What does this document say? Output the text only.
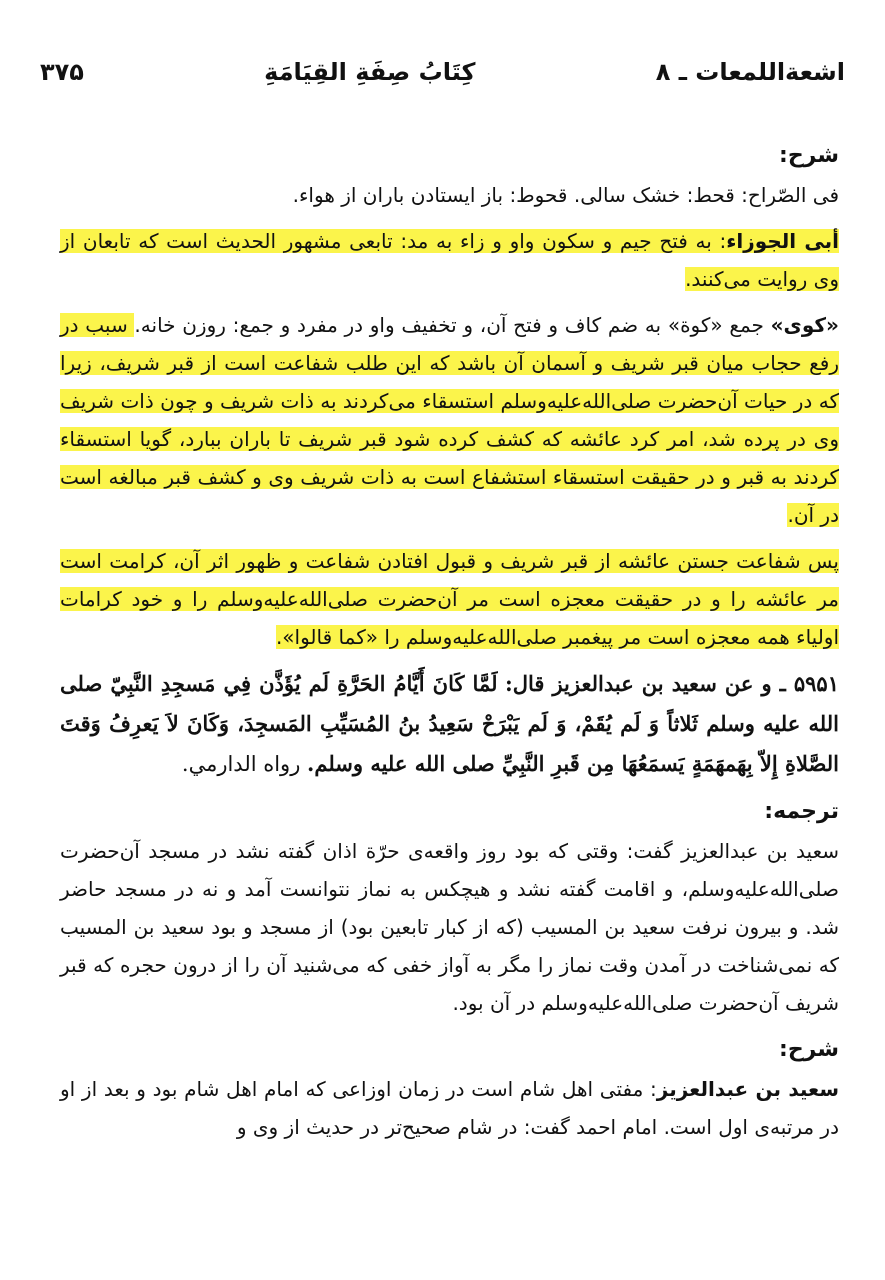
اشعة‌اللمعات ـ ۸
كِتَابُ صِفَةِ القِيَامَةِ
۳۷۵
شرح:

فی الصّراح: قحط: خشک سالی. قحوط: باز ایستادن باران از هواء.

أبی الجوزاء: به فتح جیم و سکون واو و زاء به مد: تابعی مشهور الحدیث است که تابعان از وی روایت می‌کنند.

«کوی» جمع «کوة» به ضم کاف و فتح آن، و تخفیف واو در مفرد و جمع: روزن خانه. سبب در رفع حجاب میان قبر شریف و آسمان آن باشد که این طلب شفاعت است از قبر شریف، زیرا که در حیات آن‌حضرت صلی‌الله‌علیه‌وسلم استسقاء می‌کردند به ذات شریف و چون ذات شریف وی در پرده شد، امر کرد عائشه که کشف کرده شود قبر شریف تا باران ببارد، گویا استسقاء کردند به قبر و در حقیقت استسقاء استشفاع است به ذات شریف وی و کشف قبر مبالغه است در آن.

پس شفاعت جستن عائشه از قبر شریف و قبول افتادن شفاعت و ظهور اثر آن، کرامت است مر عائشه را و در حقیقت معجزه است مر آن‌حضرت صلی‌الله‌علیه‌وسلم را و خود کرامات اولیاء همه معجزه است مر پیغمبر صلی‌الله‌علیه‌وسلم را «کما قالوا».

۵۹۵۱ ـ و عن سعيد بن عبدالعزيز قال: لَمَّا كَانَ أَيَّامُ الحَرَّةِ لَم يُؤَذَّن فِي مَسجِدِ النَّبِيّ صلى الله عليه وسلم ثَلاثاً وَ لَم يُقَمْ، وَ لَم يَبْرَحْ سَعِيدُ بنُ المُسَيِّبِ المَسجِدَ، وَكَانَ لاَ يَعرِفُ وَقتَ الصَّلاةِ إِلاّ بِهَمهَمَةٍ يَسمَعُهَا مِن قَبرِ النَّبِيِّ صلى الله عليه وسلم. رواه الدارمي.

ترجمه:

سعید بن عبدالعزیز گفت: وقتی که بود روز واقعه‌ی حرّة اذان گفته نشد در مسجد آن‌حضرت صلی‌الله‌علیه‌وسلم، و اقامت گفته نشد و هیچکس به نماز نتوانست آمد و نه در مسجد حاضر شد. و بیرون نرفت سعید بن المسیب (که از کبار تابعین بود) از مسجد و بود سعید بن المسیب که نمی‌شناخت در آمدن وقت نماز را مگر به آواز خفی که می‌شنید آن را از درون حجره که قبر شریف آن‌حضرت صلی‌الله‌علیه‌وسلم در آن بود.

شرح:

سعید بن عبدالعزیز: مفتی اهل شام است در زمان اوزاعی که امام اهل شام بود و بعد از او در مرتبه‌ی اول است. امام احمد گفت: در شام صحیح‌تر در حدیث از وی و
